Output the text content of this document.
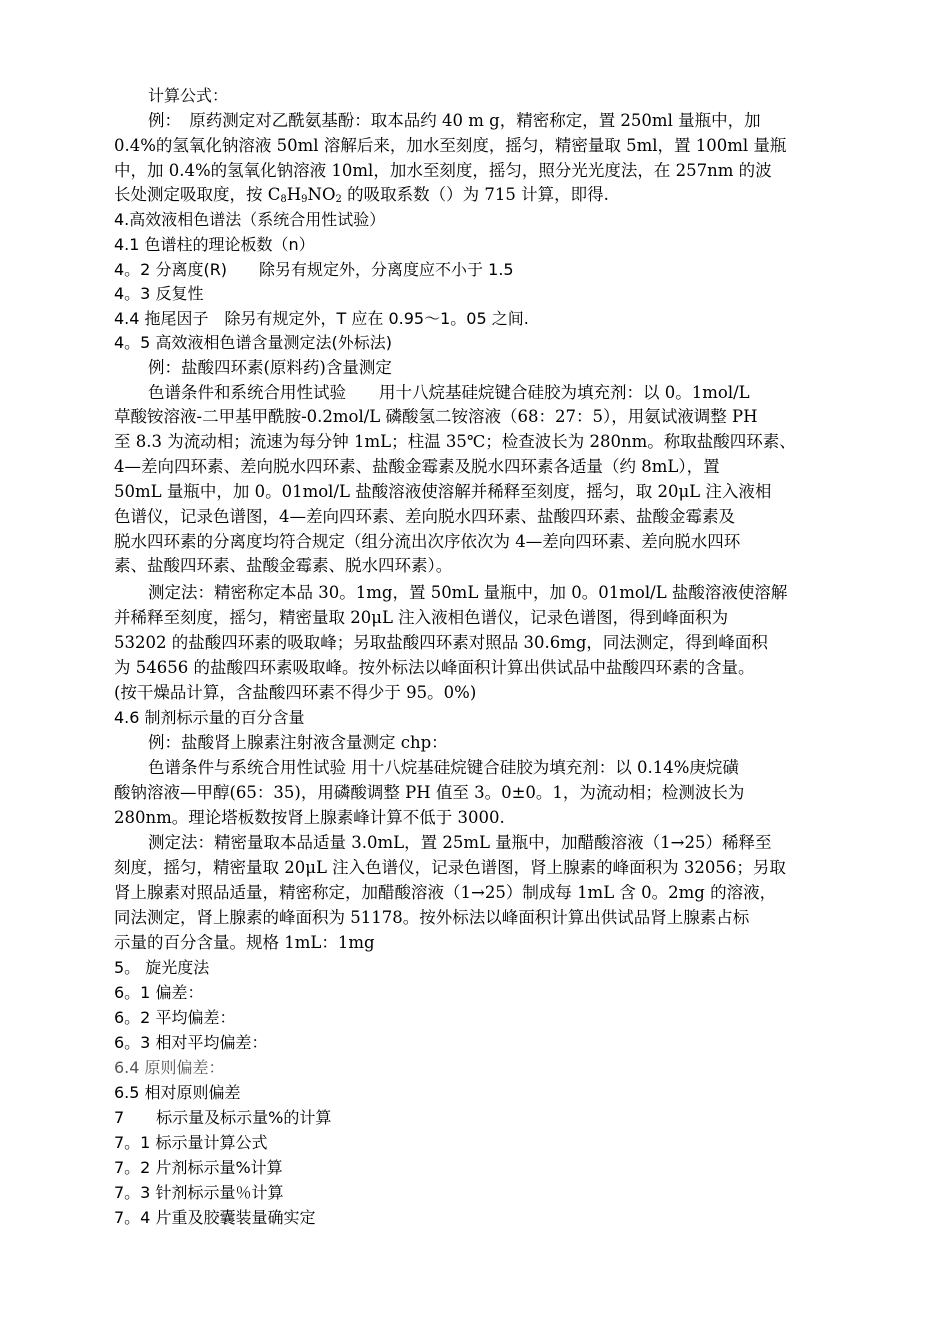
计算公式：
例：　原药测定对乙酰氨基酚：取本品约 40 m g，精密称定，置 250ml 量瓶中，加
0.4%的氢氧化钠溶液 50ml 溶解后来，加水至刻度，摇匀，精密量取 5ml，置 100ml 量瓶
中，加 0.4%的氢氧化钠溶液 10ml，加水至刻度，摇匀，照分光光度法，在 257nm 的波
长处测定吸取度，按 $C_8H_9NO_2$ 的吸取系数（）为 715 计算，即得.
4.高效液相色谱法（系统合用性试验）
4.1 色谱柱的理论板数（n）
4。2 分离度(R)　　除另有规定外，分离度应不小于 1.5
4。3 反复性
4.4 拖尾因子　除另有规定外，T 应在 0.95～1。05 之间.
4。5 高效液相色谱含量测定法(外标法)
例：盐酸四环素(原料药)含量测定
色谱条件和系统合用性试验　　用十八烷基硅烷键合硅胶为填充剂：以 0。1mol/L
草酸铵溶液-二甲基甲酰胺-0.2mol/L 磷酸氢二铵溶液（68：27：5），用氨试液调整 PH
至 8.3 为流动相；流速为每分钟 1mL；柱温 35℃；检查波长为 280nm。称取盐酸四环素、
4—差向四环素、差向脱水四环素、盐酸金霉素及脱水四环素各适量（约 8mL），置
50mL 量瓶中，加 0。01mol/L 盐酸溶液使溶解并稀释至刻度，摇匀，取 20μL 注入液相
色谱仪，记录色谱图，4—差向四环素、差向脱水四环素、盐酸四环素、盐酸金霉素及
脱水四环素的分离度均符合规定（组分流出次序依次为 4—差向四环素、差向脱水四环
素、盐酸四环素、盐酸金霉素、脱水四环素）。
测定法：精密称定本品 30。1mg，置 50mL 量瓶中，加 0。01mol/L 盐酸溶液使溶解
并稀释至刻度，摇匀，精密量取 20μL 注入液相色谱仪，记录色谱图，得到峰面积为
53202 的盐酸四环素的吸取峰；另取盐酸四环素对照品 30.6mg，同法测定，得到峰面积
为 54656 的盐酸四环素吸取峰。按外标法以峰面积计算出供试品中盐酸四环素的含量。
(按干燥品计算，含盐酸四环素不得少于 95。0%)
4.6 制剂标示量的百分含量
例：盐酸肾上腺素注射液含量测定 chp：
色谱条件与系统合用性试验 用十八烷基硅烷键合硅胶为填充剂：以 0.14%庚烷磺
酸钠溶液—甲醇(65：35)，用磷酸调整 PH 值至 3。0±0。1，为流动相；检测波长为
280nm。理论塔板数按肾上腺素峰计算不低于 3000.
测定法：精密量取本品适量 3.0mL，置 25mL 量瓶中，加醋酸溶液（1→25）稀释至
刻度，摇匀，精密量取 20μL 注入色谱仪，记录色谱图，肾上腺素的峰面积为 32056；另取
肾上腺素对照品适量，精密称定，加醋酸溶液（1→25）制成每 1mL 含 0。2mg 的溶液，
同法测定，肾上腺素的峰面积为 51178。按外标法以峰面积计算出供试品肾上腺素占标
示量的百分含量。规格 1mL：1mg
5。 旋光度法
6。1 偏差：
6。2 平均偏差：
6。3 相对平均偏差：
6.4 原则偏差：
6.5 相对原则偏差
7　　标示量及标示量%的计算
7。1 标示量计算公式
7。2 片剂标示量%计算
7。3 针剂标示量％计算
7。4 片重及胶囊装量确实定
